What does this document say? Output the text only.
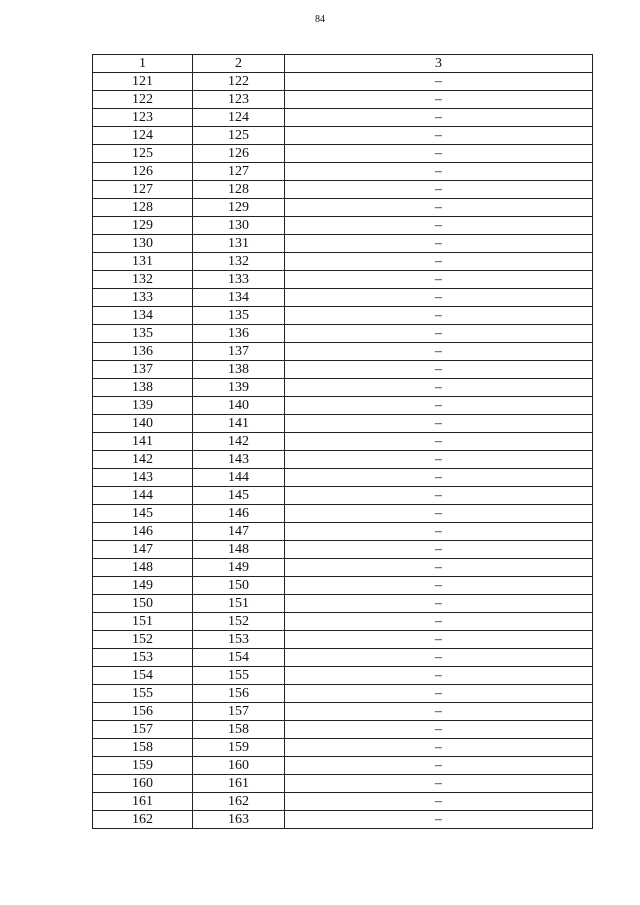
84
1	2	3
121	122	–
122	123	–
123	124	–
124	125	–
125	126	–
126	127	–
127	128	–
128	129	–
129	130	–
130	131	–
131	132	–
132	133	–
133	134	–
134	135	–
135	136	–
136	137	–
137	138	–
138	139	–
139	140	–
140	141	–
141	142	–
142	143	–
143	144	–
144	145	–
145	146	–
146	147	–
147	148	–
148	149	–
149	150	–
150	151	–
151	152	–
152	153	–
153	154	–
154	155	–
155	156	–
156	157	–
157	158	–
158	159	–
159	160	–
160	161	–
161	162	–
162	163	–
